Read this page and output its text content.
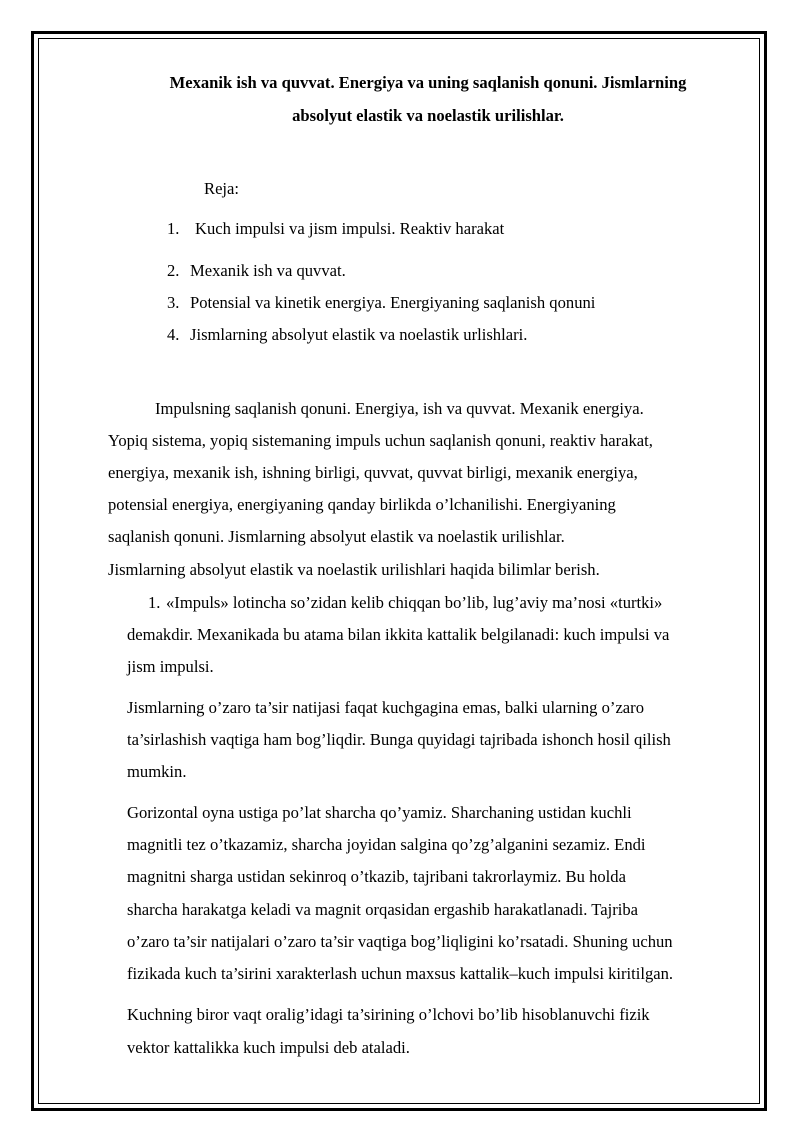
Mexanik ish va quvvat. Energiya va uning saqlanish qonuni. Jismlarning
absolyut elastik va noelastik urilishlar.
Reja:
1. Kuch impulsi va jism impulsi. Reaktiv harakat
2. Mexanik ish va quvvat.
3. Potensial va kinetik energiya. Energiyaning saqlanish qonuni
4. Jismlarning absolyut elastik va noelastik urlishlari.
Impulsning saqlanish qonuni. Energiya, ish va quvvat. Mexanik energiya.
Yopiq sistema, yopiq sistemaning impuls uchun saqlanish qonuni, reaktiv harakat,
energiya, mexanik ish, ishning birligi, quvvat, quvvat birligi, mexanik energiya,
potensial energiya, energiyaning qanday birlikda o’lchanilishi. Energiyaning
saqlanish qonuni. Jismlarning absolyut elastik va noelastik urilishlar.
Jismlarning absolyut elastik va noelastik urilishlari haqida bilimlar berish.
1. «Impuls» lotincha so’zidan kelib chiqqan bo’lib, lug’aviy ma’nosi «turtki»
demakdir. Mexanikada bu atama bilan ikkita kattalik belgilanadi: kuch impulsi va
jism impulsi.
Jismlarning o’zaro ta’sir natijasi faqat kuchgagina emas, balki ularning o’zaro
ta’sirlashish vaqtiga ham bog’liqdir. Bunga quyidagi tajribada ishonch hosil qilish
mumkin.
Gorizontal oyna ustiga po’lat sharcha qo’yamiz. Sharchaning ustidan kuchli
magnitli tez o’tkazamiz, sharcha joyidan salgina qo’zg’alganini sezamiz. Endi
magnitni sharga ustidan sekinroq o’tkazib, tajribani takrorlaymiz. Bu holda
sharcha harakatga keladi va magnit orqasidan ergashib harakatlanadi. Tajriba
o’zaro ta’sir natijalari o’zaro ta’sir vaqtiga bog’liqligini ko’rsatadi. Shuning uchun
fizikada kuch ta’sirini xarakterlash uchun maxsus kattalik–kuch impulsi kiritilgan.
Kuchning biror vaqt oralig’idagi ta’sirining o’lchovi bo’lib hisoblanuvchi fizik
vektor kattalikka kuch impulsi deb ataladi.
